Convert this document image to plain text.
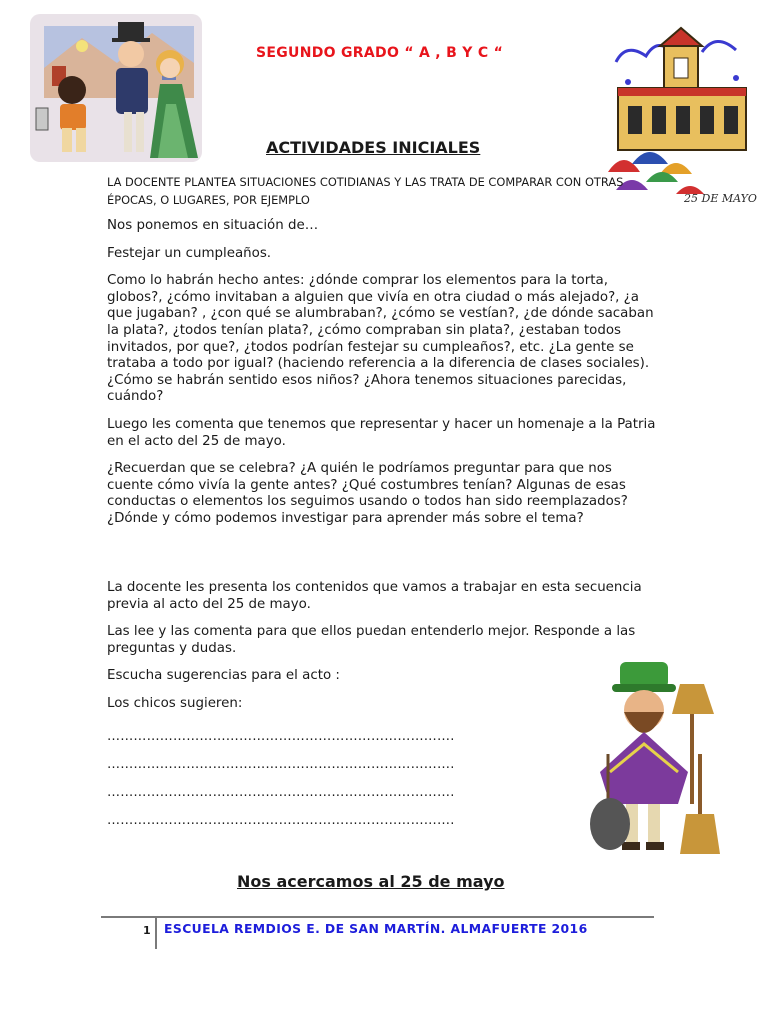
25 DE MAYO
SEGUNDO GRADO “ A , B Y C “
ACTIVIDADES INICIALES
LA DOCENTE PLANTEA SITUACIONES COTIDIANAS Y LAS TRATA DE COMPARAR CON OTRAS ÉPOCAS, O LUGARES, POR EJEMPLO

Nos ponemos en situación de…

Festejar un cumpleaños.

Como lo habrán hecho antes: ¿dónde comprar los elementos para la torta, globos?, ¿cómo invitaban a alguien que vivía en otra ciudad o más alejado?, ¿a que jugaban? , ¿con qué se alumbraban?, ¿cómo se vestían?, ¿de dónde sacaban la plata?, ¿todos tenían plata?, ¿cómo compraban sin plata?, ¿estaban todos invitados, por que?, ¿todos podrían festejar su cumpleaños?, etc. ¿La gente se trataba a todo por igual? (haciendo referencia a la diferencia de clases sociales). ¿Cómo se habrán sentido esos niños? ¿Ahora tenemos situaciones parecidas, cuándo?

Luego les comenta que tenemos que representar y hacer un homenaje a la Patria en el acto del 25 de mayo.

¿Recuerdan que se celebra? ¿A quién le podríamos preguntar para que nos cuente cómo vivía la gente antes? ¿Qué costumbres tenían? Algunas de esas conductas o elementos los seguimos usando o todos han sido reemplazados? ¿Dónde y cómo podemos investigar para aprender más sobre el tema?

La docente les presenta los contenidos que vamos a trabajar en esta secuencia previa al acto del 25 de mayo.

Las lee y las comenta para que ellos puedan entenderlo mejor. Responde a las preguntas y dudas.

Escucha sugerencias para el acto :

Los chicos sugieren:

…………………………………………………………………….
…………………………………………………………………….
…………………………………………………………………….
…………………………………………………………………….
Nos acercamos al 25 de mayo
1 ESCUELA REMDIOS E. DE SAN MARTÍN. ALMAFUERTE 2016
